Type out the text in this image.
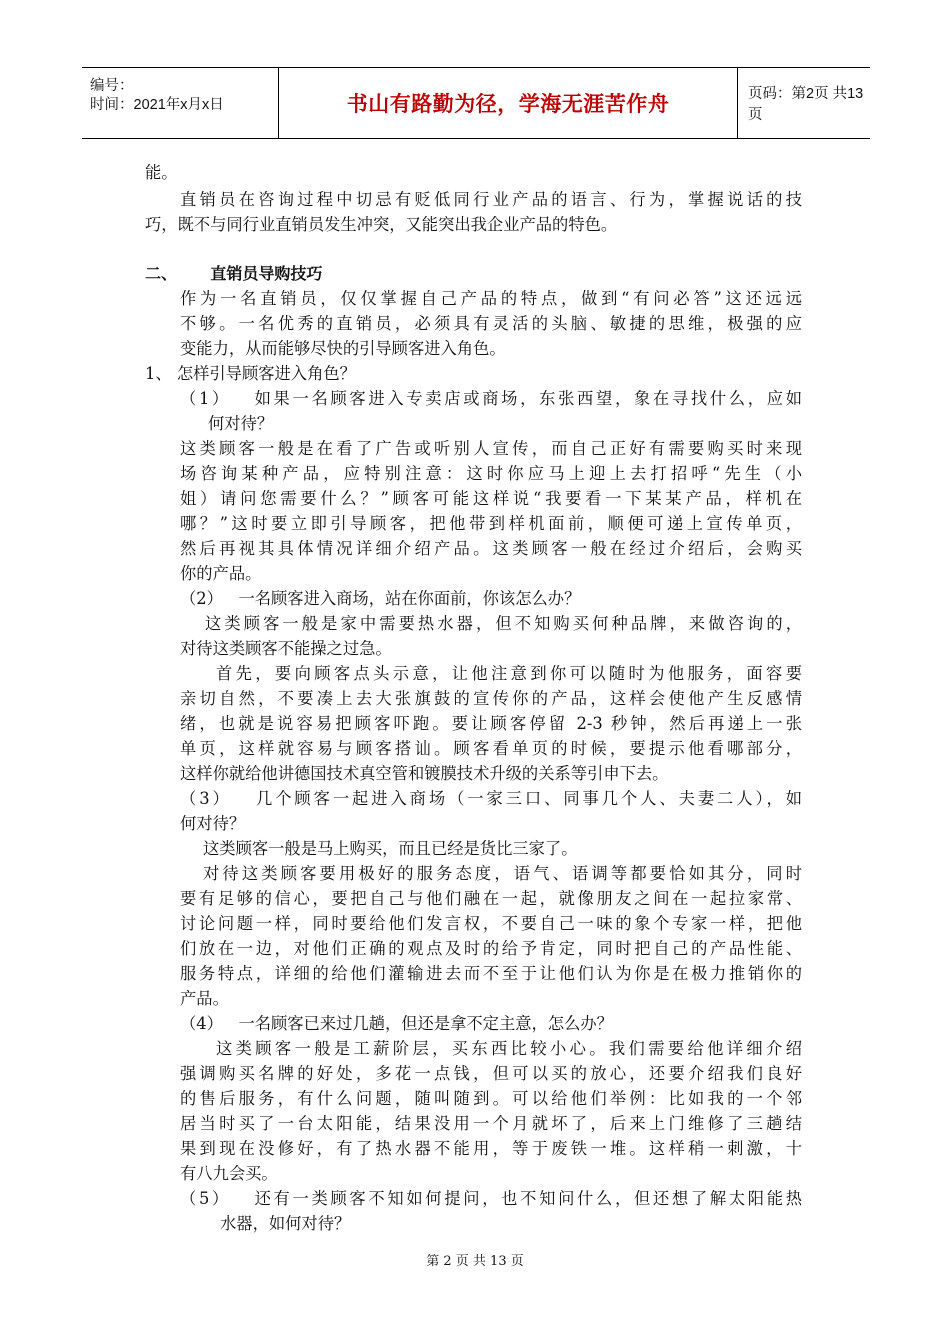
编号：
时间：2021年x月x日	书山有路勤为径，学海无涯苦作舟	页码：第2页 共13页
能。
直销员在咨询过程中切忌有贬低同行业产品的语言、行为，掌握说话的技
巧，既不与同行业直销员发生冲突，又能突出我企业产品的特色。
二、      直销员导购技巧
作为一名直销员，仅仅掌握自己产品的特点，做到“有问必答”这还远远
不够。一名优秀的直销员，必须具有灵活的头脑、敏捷的思维，极强的应
变能力，从而能够尽快的引导顾客进入角色。
1、 怎样引导顾客进入角色？
（1）   如果一名顾客进入专卖店或商场，东张西望，象在寻找什么，应如
何对待？
这类顾客一般是在看了广告或听别人宣传，而自己正好有需要购买时来现
场咨询某种产品，应特别注意：这时你应马上迎上去打招呼“先生（小
姐）请问您需要什么？”顾客可能这样说“我要看一下某某产品，样机在
哪？”这时要立即引导顾客，把他带到样机面前，顺便可递上宣传单页，
然后再视其具体情况详细介绍产品。这类顾客一般在经过介绍后，会购买
你的产品。
（2）   一名顾客进入商场，站在你面前，你该怎么办？
这类顾客一般是家中需要热水器，但不知购买何种品牌，来做咨询的，
对待这类顾客不能操之过急。
首先，要向顾客点头示意，让他注意到你可以随时为他服务，面容要
亲切自然，不要凑上去大张旗鼓的宣传你的产品，这样会使他产生反感情
绪，也就是说容易把顾客吓跑。要让顾客停留 2-3 秒钟，然后再递上一张
单页，这样就容易与顾客搭讪。顾客看单页的时候，要提示他看哪部分，
这样你就给他讲德国技术真空管和镀膜技术升级的关系等引申下去。
（3）   几个顾客一起进入商场（一家三口、同事几个人、夫妻二人），如
何对待？
这类顾客一般是马上购买，而且已经是货比三家了。
对待这类顾客要用极好的服务态度，语气、语调等都要恰如其分，同时
要有足够的信心，要把自己与他们融在一起，就像朋友之间在一起拉家常、
讨论问题一样，同时要给他们发言权，不要自己一味的象个专家一样，把他
们放在一边，对他们正确的观点及时的给予肯定，同时把自己的产品性能、
服务特点，详细的给他们灌输进去而不至于让他们认为你是在极力推销你的
产品。
（4）   一名顾客已来过几趟，但还是拿不定主意，怎么办？
这类顾客一般是工薪阶层，买东西比较小心。我们需要给他详细介绍
强调购买名牌的好处，多花一点钱，但可以买的放心，还要介绍我们良好
的售后服务，有什么问题，随叫随到。可以给他们举例：比如我的一个邻
居当时买了一台太阳能，结果没用一个月就坏了，后来上门维修了三趟结
果到现在没修好，有了热水器不能用，等于废铁一堆。这样稍一刺激，十
有八九会买。
（5）   还有一类顾客不知如何提问，也不知问什么，但还想了解太阳能热
水器，如何对待？
第 2 页 共 13 页
